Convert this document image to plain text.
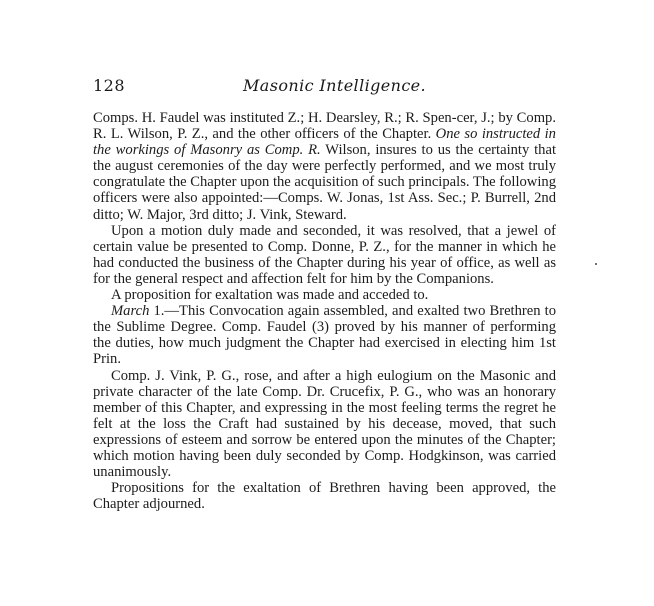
128	Masonic Intelligence.

Comps. H. Faudel was instituted Z.; H. Dearsley, R.; R. Spen-cer, J.; by Comp. R. L. Wilson, P. Z., and the other officers of the Chapter. One so instructed in the workings of Masonry as Comp. R. Wilson, insures to us the certainty that the august ceremonies of the day were perfectly performed, and we most truly congratulate the Chapter upon the acquisition of such principals. The following officers were also appointed:—Comps. W. Jonas, 1st Ass. Sec.; P. Burrell, 2nd ditto; W. Major, 3rd ditto; J. Vink, Steward.

Upon a motion duly made and seconded, it was resolved, that a jewel of certain value be presented to Comp. Donne, P. Z., for the manner in which he had conducted the business of the Chapter during his year of office, as well as for the general respect and affection felt for him by the Companions.

A proposition for exaltation was made and acceded to.

March 1.—This Convocation again assembled, and exalted two Brethren to the Sublime Degree. Comp. Faudel (3) proved by his manner of performing the duties, how much judgment the Chapter had exercised in electing him 1st Prin.

Comp. J. Vink, P. G., rose, and after a high eulogium on the Masonic and private character of the late Comp. Dr. Crucefix, P. G., who was an honorary member of this Chapter, and expressing in the most feeling terms the regret he felt at the loss the Craft had sustained by his decease, moved, that such expressions of esteem and sorrow be entered upon the minutes of the Chapter; which motion having been duly seconded by Comp. Hodgkinson, was carried unanimously.

Propositions for the exaltation of Brethren having been approved, the Chapter adjourned.
